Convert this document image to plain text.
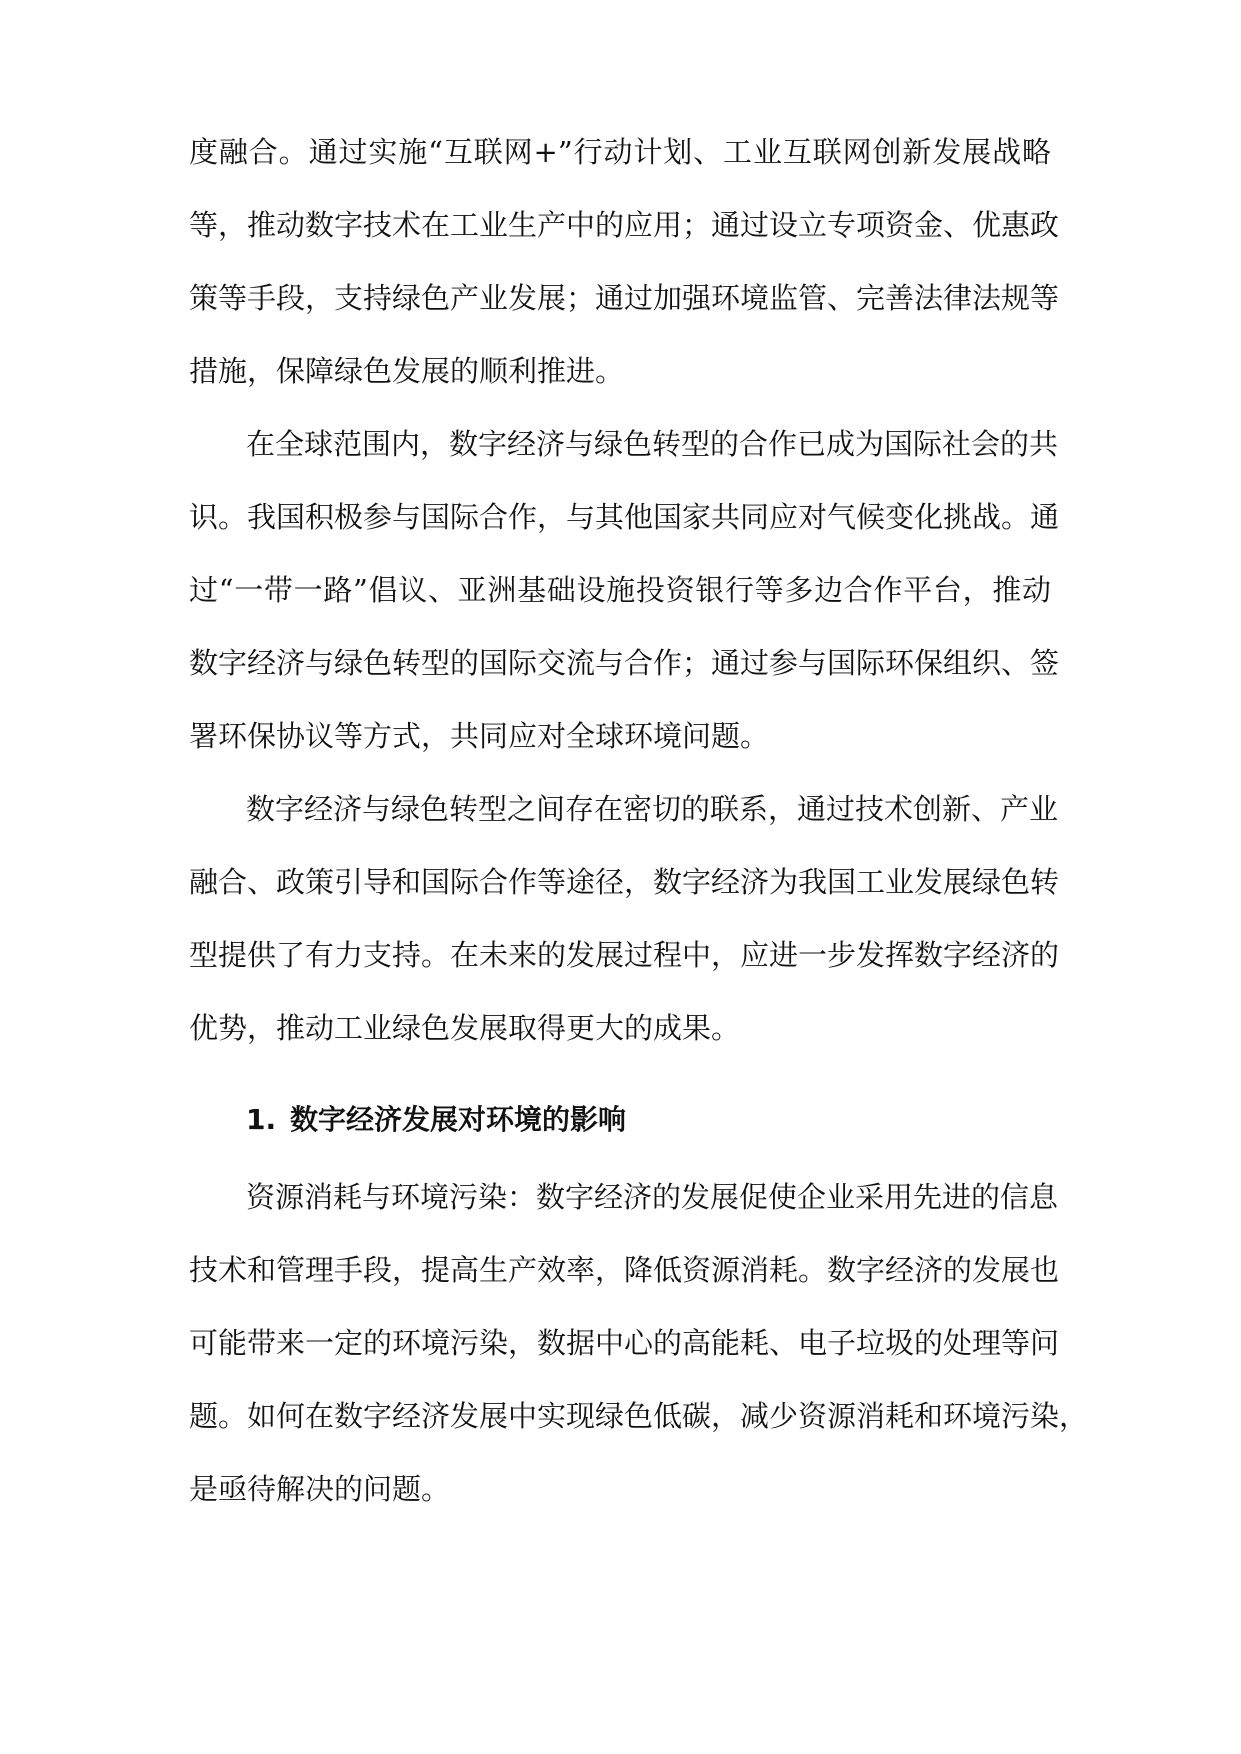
度融合。通过实施“互联网+”行动计划、工业互联网创新发展战略
等，推动数字技术在工业生产中的应用；通过设立专项资金、优惠政
策等手段，支持绿色产业发展；通过加强环境监管、完善法律法规等
措施，保障绿色发展的顺利推进。
在全球范围内，数字经济与绿色转型的合作已成为国际社会的共
识。我国积极参与国际合作，与其他国家共同应对气候变化挑战。通
过“一带一路”倡议、亚洲基础设施投资银行等多边合作平台，推动
数字经济与绿色转型的国际交流与合作；通过参与国际环保组织、签
署环保协议等方式，共同应对全球环境问题。
数字经济与绿色转型之间存在密切的联系，通过技术创新、产业
融合、政策引导和国际合作等途径，数字经济为我国工业发展绿色转
型提供了有力支持。在未来的发展过程中，应进一步发挥数字经济的
优势，推动工业绿色发展取得更大的成果。
1. 数字经济发展对环境的影响
资源消耗与环境污染：数字经济的发展促使企业采用先进的信息
技术和管理手段，提高生产效率，降低资源消耗。数字经济的发展也
可能带来一定的环境污染，数据中心的高能耗、电子垃圾的处理等问
题。如何在数字经济发展中实现绿色低碳，减少资源消耗和环境污染，
是亟待解决的问题。
